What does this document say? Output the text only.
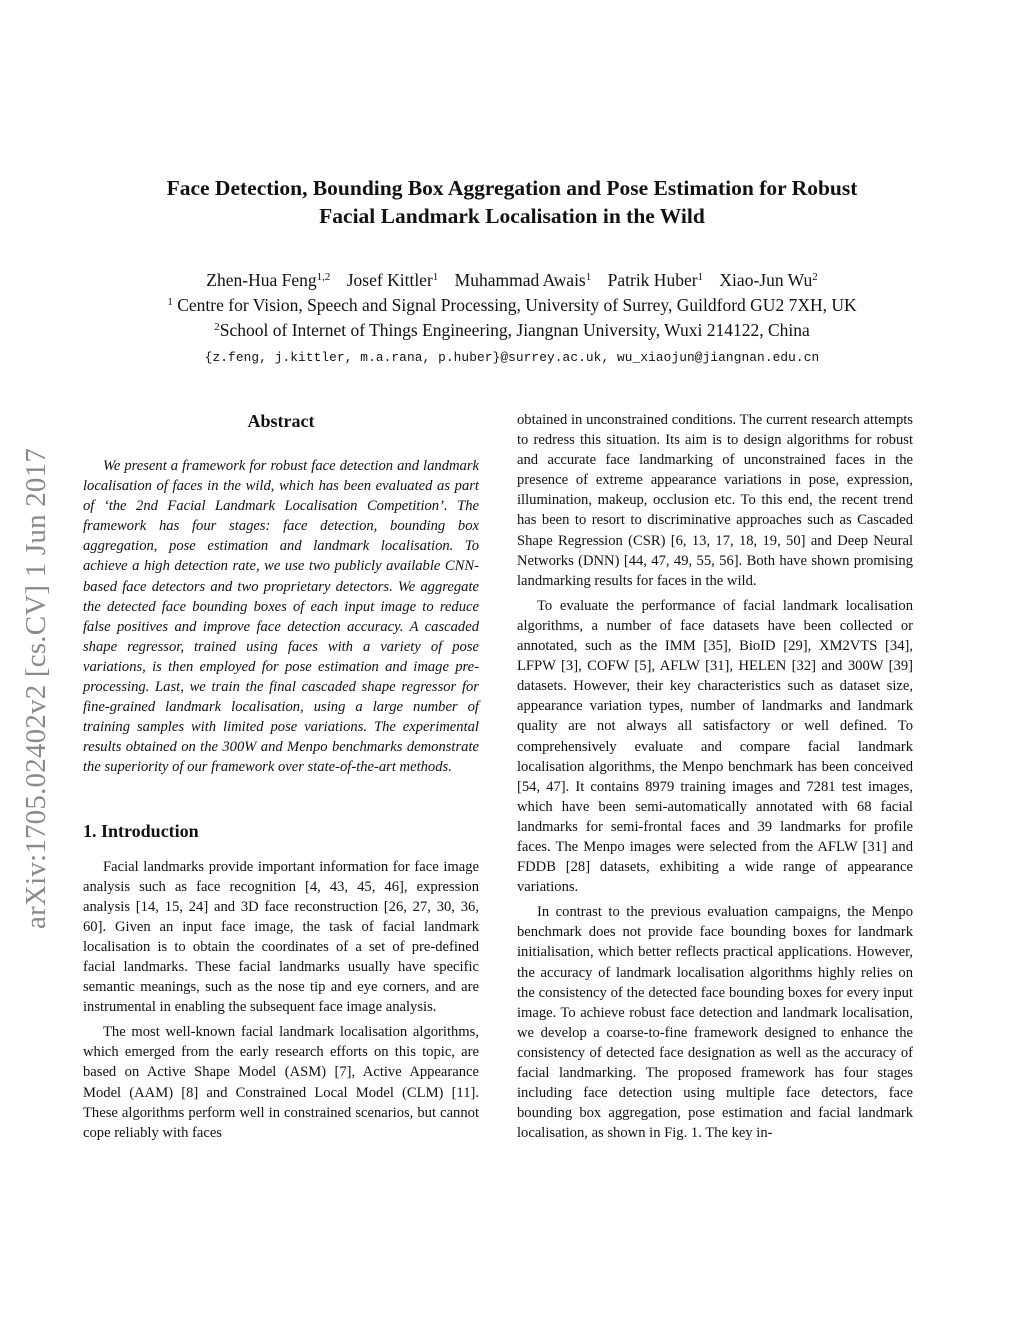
arXiv:1705.02402v2 [cs.CV] 1 Jun 2017
Face Detection, Bounding Box Aggregation and Pose Estimation for Robust
Facial Landmark Localisation in the Wild
Zhen-Hua Feng$^{1,2}$ Josef Kittler$^1$ Muhammad Awais$^1$ Patrik Huber$^1$ Xiao-Jun Wu$^2$
$^1$ Centre for Vision, Speech and Signal Processing, University of Surrey, Guildford GU2 7XH, UK
$^2$School of Internet of Things Engineering, Jiangnan University, Wuxi 214122, China
{z.feng, j.kittler, m.a.rana, p.huber}@surrey.ac.uk, wu_xiaojun@jiangnan.edu.cn
Abstract

We present a framework for robust face detection and landmark localisation of faces in the wild, which has been evaluated as part of ‘the 2nd Facial Landmark Localisation Competition’. The framework has four stages: face detection, bounding box aggregation, pose estimation and landmark localisation. To achieve a high detection rate, we use two publicly available CNN-based face detectors and two proprietary detectors. We aggregate the detected face bounding boxes of each input image to reduce false positives and improve face detection accuracy. A cascaded shape regressor, trained using faces with a variety of pose variations, is then employed for pose estimation and image pre-processing. Last, we train the final cascaded shape regressor for fine-grained landmark localisation, using a large number of training samples with limited pose variations. The experimental results obtained on the 300W and Menpo benchmarks demonstrate the superiority of our framework over state-of-the-art methods.

1. Introduction

Facial landmarks provide important information for face image analysis such as face recognition [4, 43, 45, 46], expression analysis [14, 15, 24] and 3D face reconstruction [26, 27, 30, 36, 60]. Given an input face image, the task of facial landmark localisation is to obtain the coordinates of a set of pre-defined facial landmarks. These facial landmarks usually have specific semantic meanings, such as the nose tip and eye corners, and are instrumental in enabling the subsequent face image analysis.

The most well-known facial landmark localisation algorithms, which emerged from the early research efforts on this topic, are based on Active Shape Model (ASM) [7], Active Appearance Model (AAM) [8] and Constrained Local Model (CLM) [11]. These algorithms perform well in constrained scenarios, but cannot cope reliably with faces

obtained in unconstrained conditions. The current research attempts to redress this situation. Its aim is to design algorithms for robust and accurate face landmarking of unconstrained faces in the presence of extreme appearance variations in pose, expression, illumination, makeup, occlusion etc. To this end, the recent trend has been to resort to discriminative approaches such as Cascaded Shape Regression (CSR) [6, 13, 17, 18, 19, 50] and Deep Neural Networks (DNN) [44, 47, 49, 55, 56]. Both have shown promising landmarking results for faces in the wild.

To evaluate the performance of facial landmark localisation algorithms, a number of face datasets have been collected or annotated, such as the IMM [35], BioID [29], XM2VTS [34], LFPW [3], COFW [5], AFLW [31], HELEN [32] and 300W [39] datasets. However, their key characteristics such as dataset size, appearance variation types, number of landmarks and landmark quality are not always all satisfactory or well defined. To comprehensively evaluate and compare facial landmark localisation algorithms, the Menpo benchmark has been conceived [54, 47]. It contains 8979 training images and 7281 test images, which have been semi-automatically annotated with 68 facial landmarks for semi-frontal faces and 39 landmarks for profile faces. The Menpo images were selected from the AFLW [31] and FDDB [28] datasets, exhibiting a wide range of appearance variations.

In contrast to the previous evaluation campaigns, the Menpo benchmark does not provide face bounding boxes for landmark initialisation, which better reflects practical applications. However, the accuracy of landmark localisation algorithms highly relies on the consistency of the detected face bounding boxes for every input image. To achieve robust face detection and landmark localisation, we develop a coarse-to-fine framework designed to enhance the consistency of detected face designation as well as the accuracy of facial landmarking. The proposed framework has four stages including face detection using multiple face detectors, face bounding box aggregation, pose estimation and facial landmark localisation, as shown in Fig. 1. The key in-
